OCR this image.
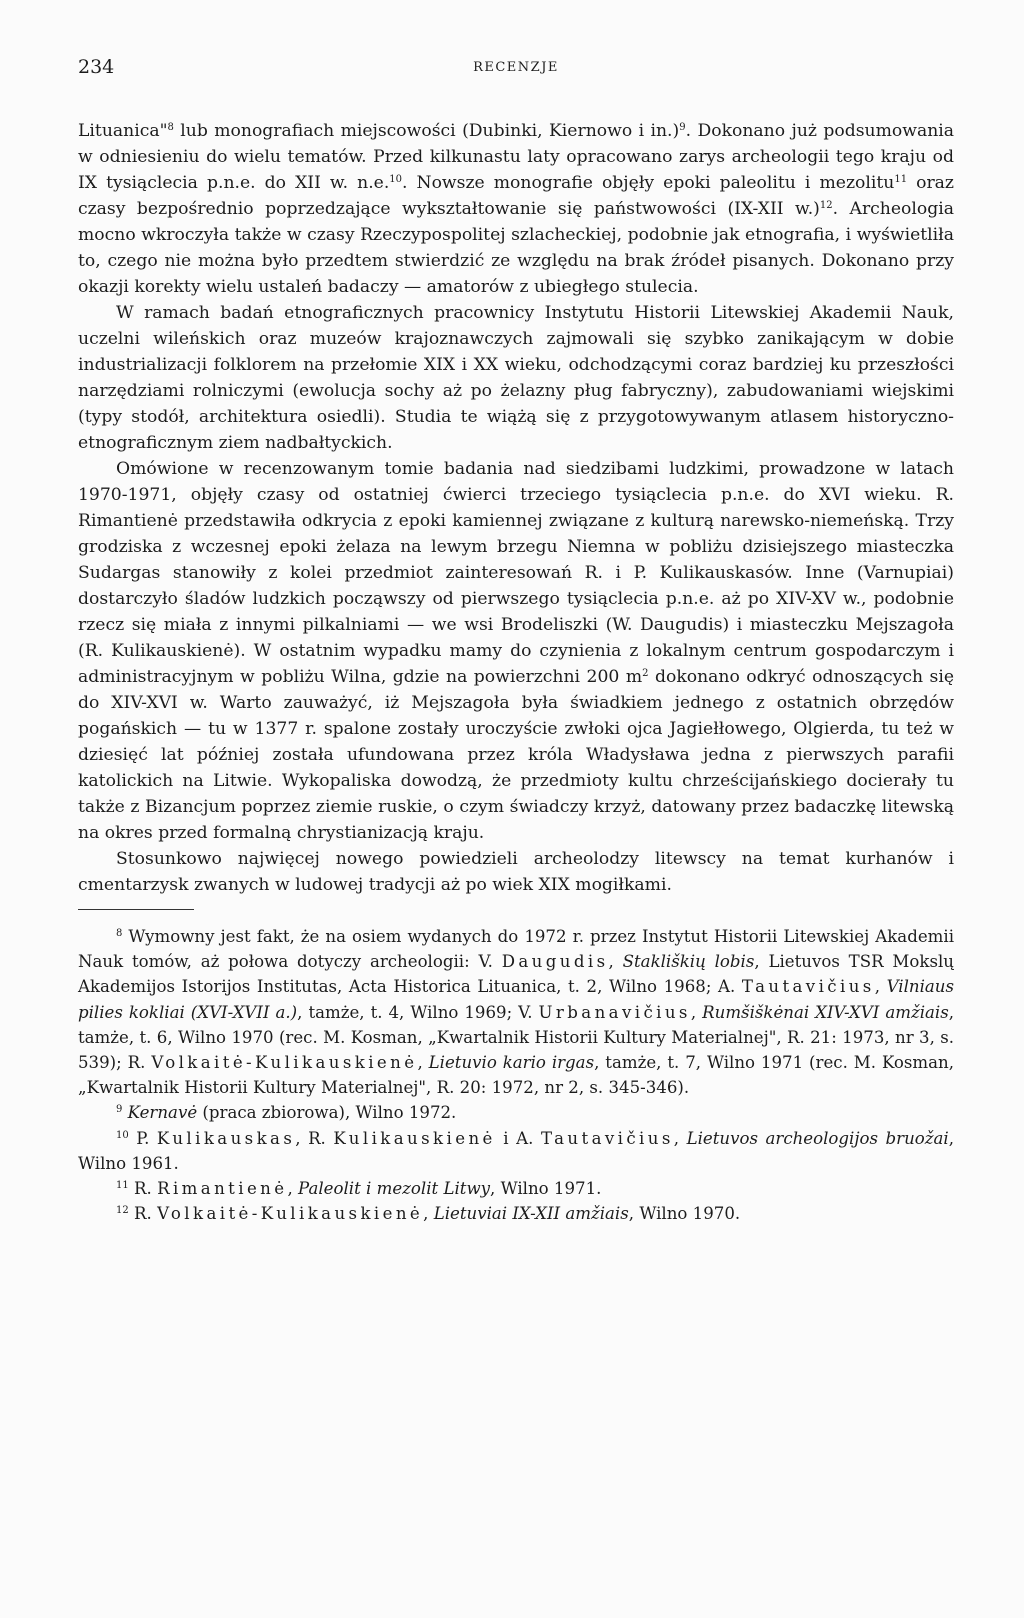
234	RECENZJE

Lituanica"$^8$ lub monografiach miejscowości (Dubinki, Kiernowo i in.)$^9$. Dokonano już podsumowania w odniesieniu do wielu tematów. Przed kilkunastu laty opracowano zarys archeologii tego kraju od IX tysiąclecia p.n.e. do XII w. n.e.$^{10}$. Nowsze monografie objęły epoki paleolitu i mezolitu$^{11}$ oraz czasy bezpośrednio poprzedzające wykształtowanie się państwowości (IX-XII w.)$^{12}$. Archeologia mocno wkroczyła także w czasy Rzeczypospolitej szlacheckiej, podobnie jak etnografia, i wyświetliła to, czego nie można było przedtem stwierdzić ze względu na brak źródeł pisanych. Dokonano przy okazji korekty wielu ustaleń badaczy — amatorów z ubiegłego stulecia.

W ramach badań etnograficznych pracownicy Instytutu Historii Litewskiej Akademii Nauk, uczelni wileńskich oraz muzeów krajoznawczych zajmowali się szybko zanikającym w dobie industrializacji folklorem na przełomie XIX i XX wieku, odchodzącymi coraz bardziej ku przeszłości narzędziami rolniczymi (ewolucja sochy aż po żelazny pług fabryczny), zabudowaniami wiejskimi (typy stodół, architektura osiedli). Studia te wiążą się z przygotowywanym atlasem historyczno-etnograficznym ziem nadbałtyckich.

Omówione w recenzowanym tomie badania nad siedzibami ludzkimi, prowadzone w latach 1970-1971, objęły czasy od ostatniej ćwierci trzeciego tysiąclecia p.n.e. do XVI wieku. R. Rimantienė przedstawiła odkrycia z epoki kamiennej związane z kulturą narewsko-niemeńską. Trzy grodziska z wczesnej epoki żelaza na lewym brzegu Niemna w pobliżu dzisiejszego miasteczka Sudargas stanowiły z kolei przedmiot zainteresowań R. i P. Kulikauskasów. Inne (Varnupiai) dostarczyło śladów ludzkich począwszy od pierwszego tysiąclecia p.n.e. aż po XIV-XV w., podobnie rzecz się miała z innymi pilkalniami — we wsi Brodeliszki (W. Daugudis) i miasteczku Mejszagoła (R. Kulikauskienė). W ostatnim wypadku mamy do czynienia z lokalnym centrum gospodarczym i administracyjnym w pobliżu Wilna, gdzie na powierzchni 200 $m^2$ dokonano odkryć odnoszących się do XIV-XVI w. Warto zauważyć, iż Mejszagoła była świadkiem jednego z ostatnich obrzędów pogańskich — tu w 1377 r. spalone zostały uroczyście zwłoki ojca Jagiełłowego, Olgierda, tu też w dziesięć lat później została ufundowana przez króla Władysława jedna z pierwszych parafii katolickich na Litwie. Wykopaliska dowodzą, że przedmioty kultu chrześcijańskiego docierały tu także z Bizancjum poprzez ziemie ruskie, o czym świadczy krzyż, datowany przez badaczkę litewską na okres przed formalną chrystianizacją kraju.

Stosunkowo najwięcej nowego powiedzieli archeolodzy litewscy na temat kurhanów i cmentarzysk zwanych w ludowej tradycji aż po wiek XIX mogiłkami.

$^8$ Wymowny jest fakt, że na osiem wydanych do 1972 r. przez Instytut Historii Litewskiej Akademii Nauk tomów, aż połowa dotyczy archeologii: V. Daugudis, Stakliškių lobis, Lietuvos TSR Mokslų Akademijos Istorijos Institutas, Acta Historica Lituanica, t. 2, Wilno 1968; A. Tautavičius, Vilniaus pilies kokliai (XVI-XVII a.), tamże, t. 4, Wilno 1969; V. Urbanavičius, Rumšiškėnai XIV-XVI amžiais, tamże, t. 6, Wilno 1970 (rec. M. Kosman, „Kwartalnik Historii Kultury Materialnej", R. 21: 1973, nr 3, s. 539); R. Volkaitė-Kulikauskienė, Lietuvio kario irgas, tamże, t. 7, Wilno 1971 (rec. M. Kosman, „Kwartalnik Historii Kultury Materialnej", R. 20: 1972, nr 2, s. 345-346).

$^9$ Kernavė (praca zbiorowa), Wilno 1972.

$^{10}$ P. Kulikauskas, R. Kulikauskienė i A. Tautavičius, Lietuvos archeologijos bruožai, Wilno 1961.

$^{11}$ R. Rimantienė, Paleolit i mezolit Litwy, Wilno 1971.

$^{12}$ R. Volkaitė-Kulikauskienė, Lietuviai IX-XII amžiais, Wilno 1970.
